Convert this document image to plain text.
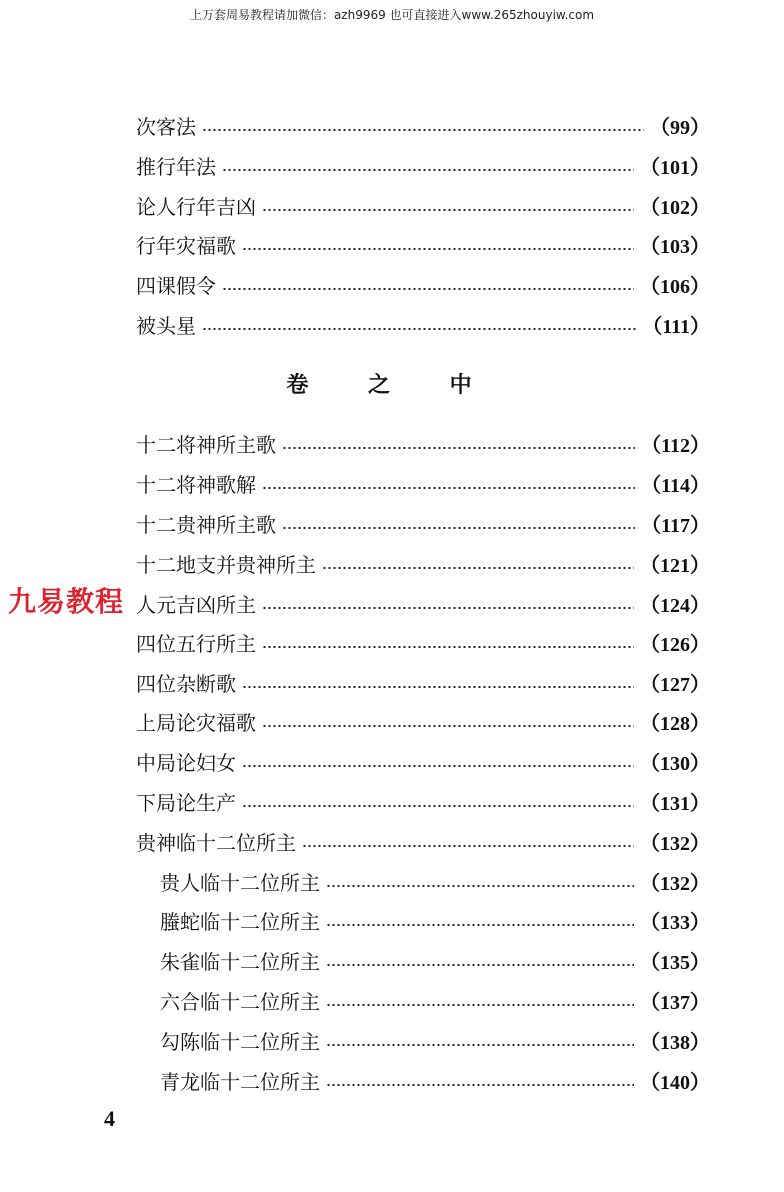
上万套周易教程请加微信：azh9969 也可直接进入www.265zhouyiw.com
次客法	（99）
推行年法	（101）
论人行年吉凶	（102）
行年灾福歌	（103）
四课假令	（106）
被头星	（111）
十二将神所主歌	（112）
十二将神歌解	（114）
十二贵神所主歌	（117）
十二地支并贵神所主	（121）
人元吉凶所主	（124）
四位五行所主	（126）
四位杂断歌	（127）
上局论灾福歌	（128）
中局论妇女	（130）
下局论生产	（131）
贵神临十二位所主	（132）
贵人临十二位所主	（132）
螣蛇临十二位所主	（133）
朱雀临十二位所主	（135）
六合临十二位所主	（137）
勾陈临十二位所主	（138）
青龙临十二位所主	（140）
卷 之 中
九易教程
4
